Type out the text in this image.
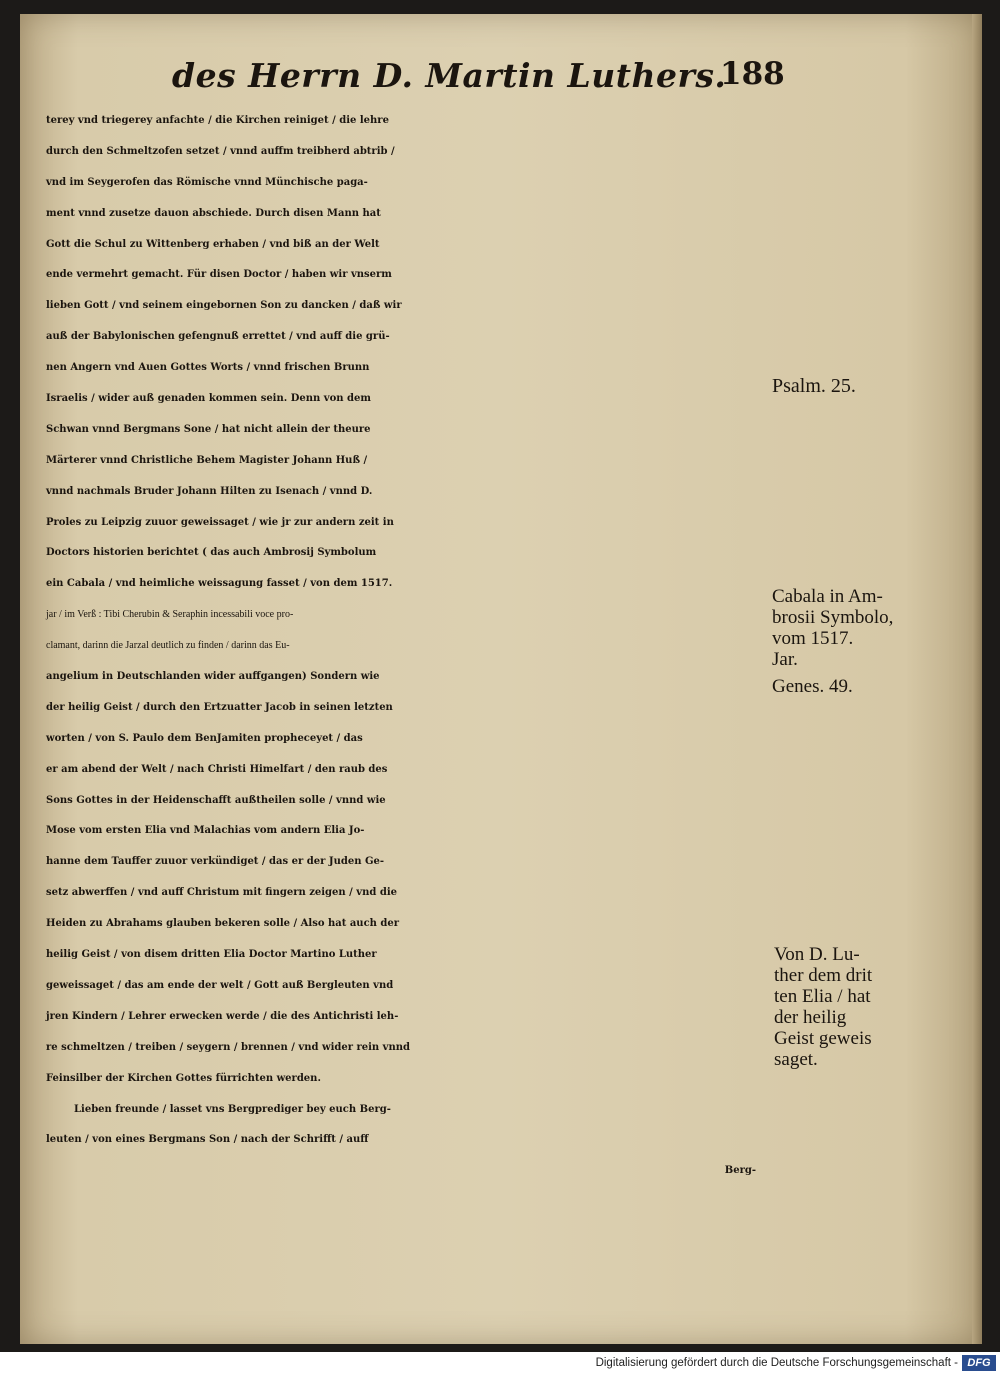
des Herrn D. Martin Luthers.
188
terey vnd triegerey anfachte / die Kirchen reiniget / die lehre
durch den Schmeltzofen setzet / vnnd auffm treibherd abtrib /
vnd im Seygerofen das Römische vnnd Münchische paga-
ment vnnd zusetze dauon abschiede. Durch disen Mann hat
Gott die Schul zu Wittenberg erhaben / vnd biß an der Welt
ende vermehrt gemacht. Für disen Doctor / haben wir vnserm
lieben Gott / vnd seinem eingebornen Son zu dancken / daß wir
auß der Babylonischen gefengnuß errettet / vnd auff die grü-
nen Angern vnd Auen Gottes Worts / vnnd frischen Brunn
Israelis / wider auß genaden kommen sein. Denn von dem
Schwan vnnd Bergmans Sone / hat nicht allein der theure
Märterer vnnd Christliche Behem Magister Johann Huß /
vnnd nachmals Bruder Johann Hilten zu Isenach / vnnd D.
Proles zu Leipzig zuuor geweissaget / wie jr zur andern zeit in
Doctors historien berichtet ( das auch Ambrosij Symbolum
ein Cabala / vnd heimliche weissagung fasset / von dem 1517.
jar / im Verß : Tibi Cherubin & Seraphin incessabili voce pro-
clamant, darinn die Jarzal deutlich zu finden / darinn das Eu-
angelium in Deutschlanden wider auffgangen) Sondern wie
der heilig Geist / durch den Ertzuatter Jacob in seinen letzten
worten / von S. Paulo dem BenJamiten propheceyet / das
er am abend der Welt / nach Christi Himelfart / den raub des
Sons Gottes in der Heidenschafft außtheilen solle / vnnd wie
Mose vom ersten Elia vnd Malachias vom andern Elia Jo-
hanne dem Tauffer zuuor verkündiget / das er der Juden Ge-
setz abwerffen / vnd auff Christum mit fingern zeigen / vnd die
Heiden zu Abrahams glauben bekeren solle / Also hat auch der
heilig Geist / von disem dritten Elia Doctor Martino Luther
geweissaget / das am ende der welt / Gott auß Bergleuten vnd
jren Kindern / Lehrer erwecken werde / die des Antichristi leh-
re schmeltzen / treiben / seygern / brennen / vnd wider rein vnnd
Feinsilber der Kirchen Gottes fürrichten werden.
Lieben freunde / lasset vns Bergprediger bey euch Berg-
leuten / von eines Bergmans Son / nach der Schrifft / auff
Berg-
Psalm. 25.
Cabala in Am-
brosii Symbolo,
vom 1517.
Jar.
Genes. 49.
Von D. Lu-
ther dem drit
ten Elia / hat
der heilig
Geist geweis
saget.
Digitalisierung gefördert durch die Deutsche Forschungsgemeinschaft - DFG
